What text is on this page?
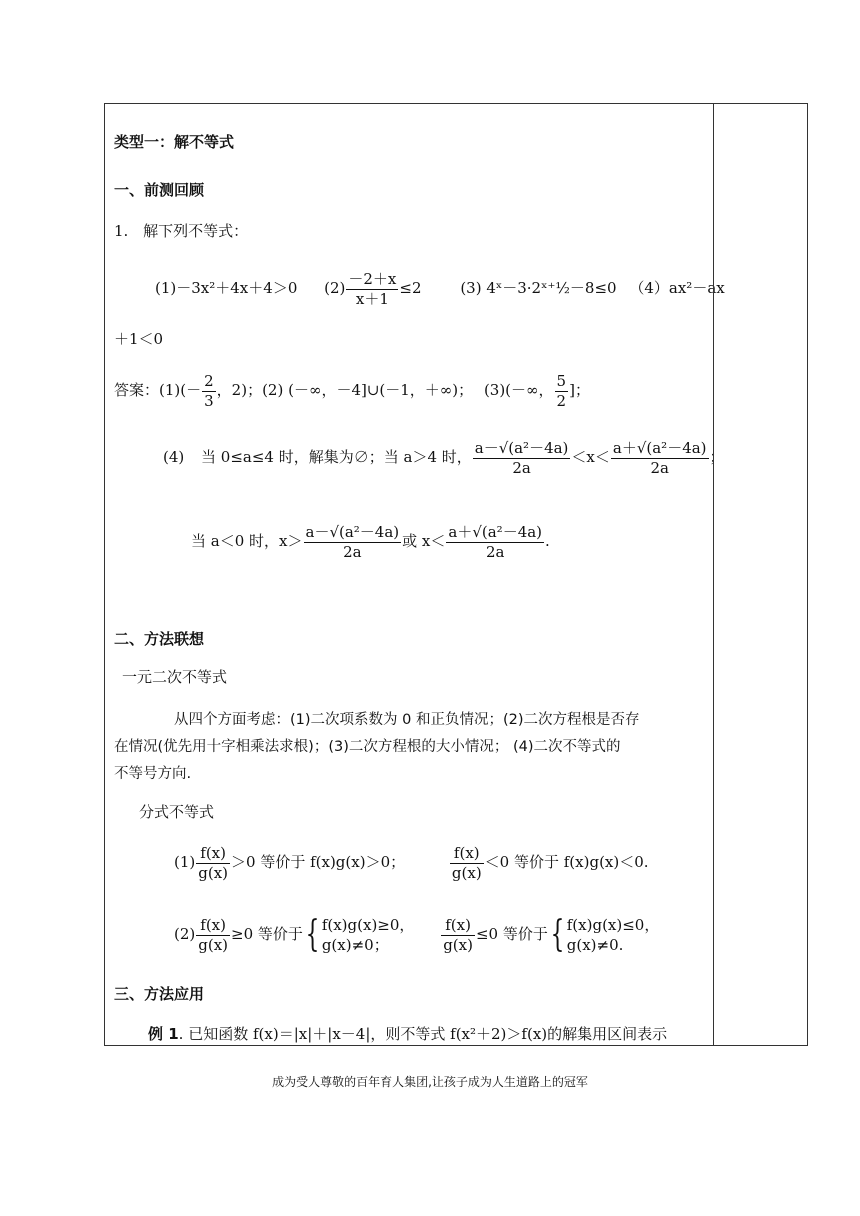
类型一：解不等式
一、前测回顾
1. 解下列不等式：
(1)－3x²＋4x＋4＞0 $(2) \frac{-2+x}{x+1} \le 2$	(3) 4ˣ－3·2ˣ⁺½－8≤0 （4）ax²－ax
＋1＜0
答案：$(1)(- \frac{2}{3}$ ，2)；(2) (－∞，－4]∪(－1，＋∞)； (3)(－∞， $\frac{5}{2}$ ]；
(4) 当 0≤a≤4 时，解集为∅；当 a＞4 时， $\frac{\text{a－√(a²－4a)}}{2a} <x< \frac{\text{a＋√(a²－4a)}}{2a}$ ；
当 a＜0 时，$x> \frac{\text{a－√(a²－4a)}}{2a}$ 或 $x< \frac{\text{a＋√(a²－4a)}}{2a}$ .
二、方法联想
一元二次不等式
从四个方面考虑：(1)二次项系数为 0 和正负情况；(2)二次方程根是否存
在情况(优先用十字相乘法求根)；(3)二次方程根的大小情况； (4)二次不等式的
不等号方向.
分式不等式
$(1) \frac{f(x)}{g(x)} >0$ 等价于 f(x)g(x)＞0；	$\frac{f(x)}{g(x)} <0$ 等价于 f(x)g(x)＜0.
$(2) \frac{f(x)}{g(x)} \ge 0$ 等价于{ f(x)g(x)≥0，
g(x)≠0；
	$\frac{f(x)}{g(x)} \le 0$ 等价于{ f(x)g(x)≤0，
g(x)≠0.
三、方法应用
例 1. 已知函数 f(x)＝|x|＋|x－4|，则不等式 f(x²＋2)＞f(x)的解集用区间表示
成为受人尊敬的百年育人集团,让孩子成为人生道路上的冠军
